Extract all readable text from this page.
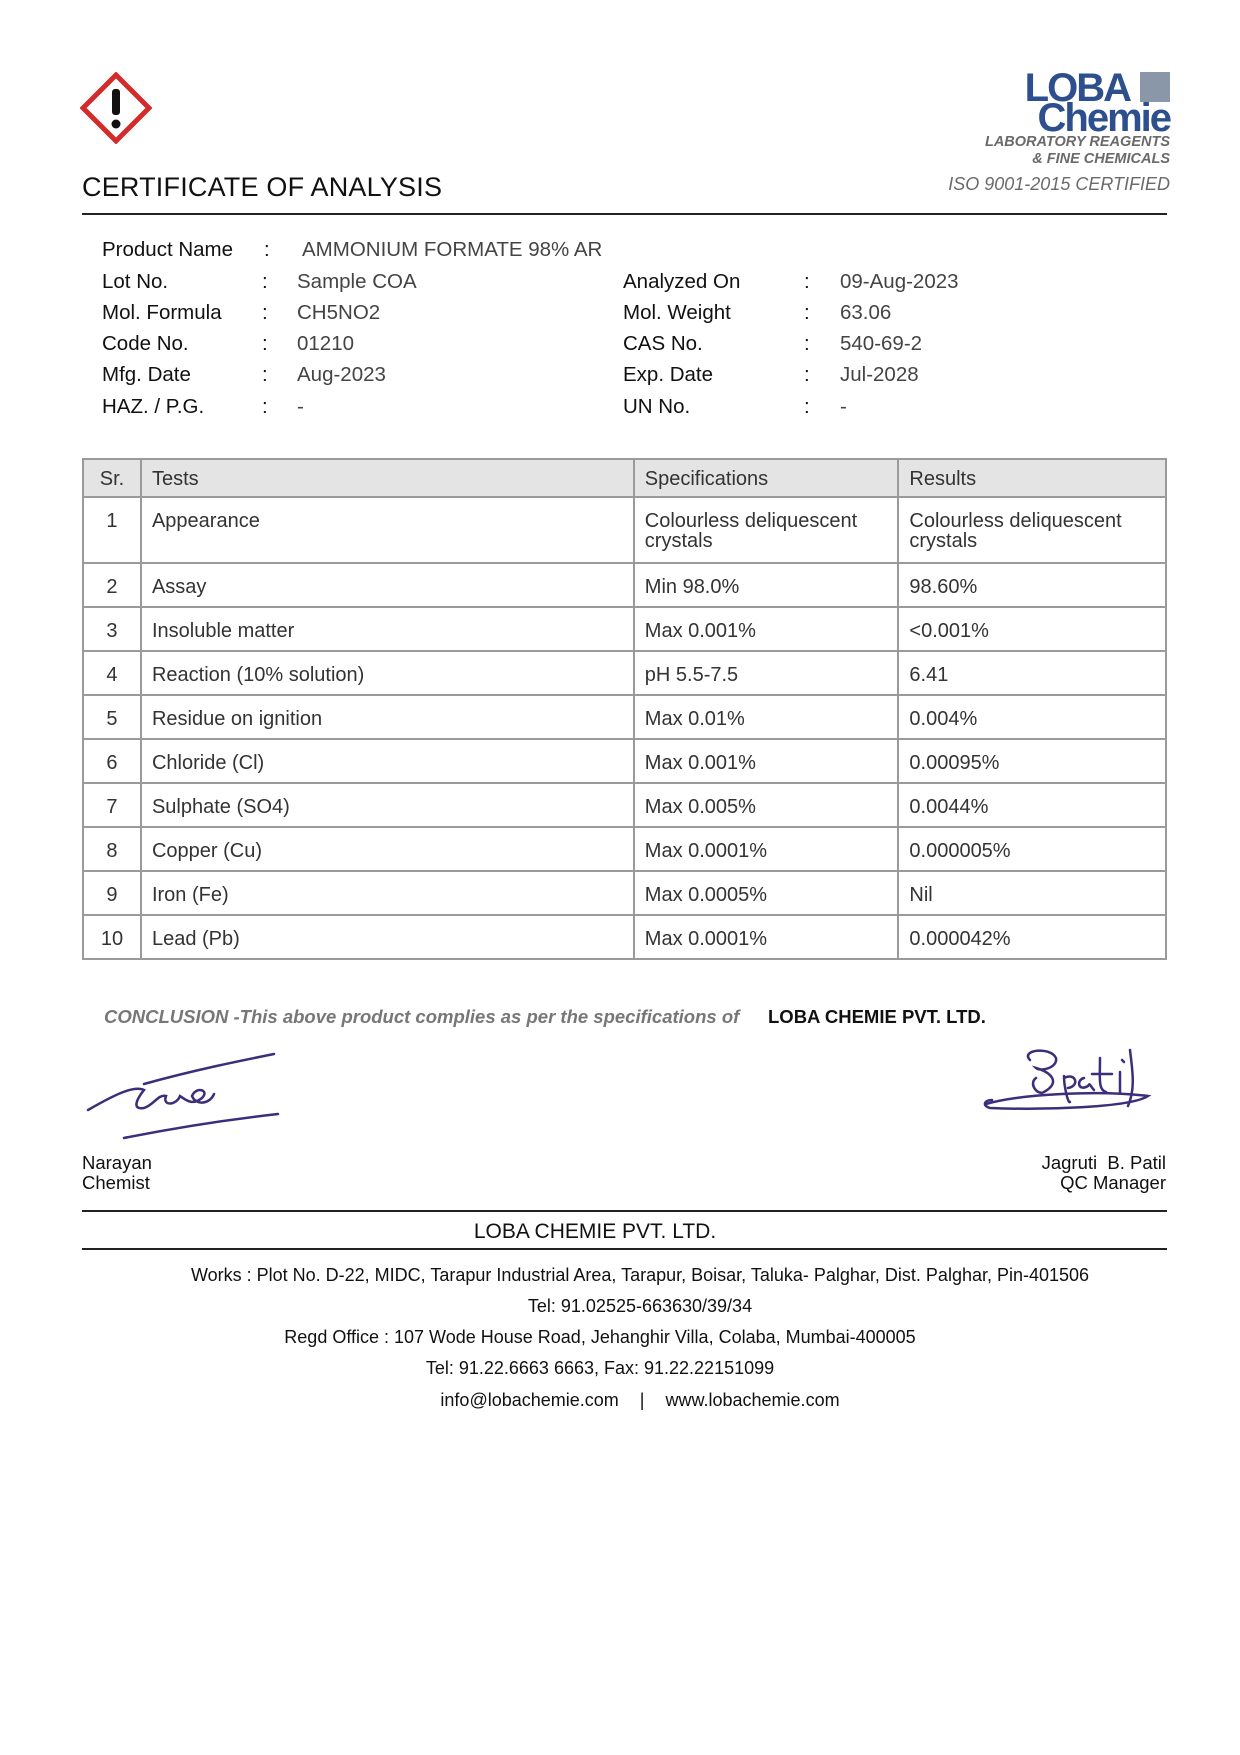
LOBA
Chemie
LABORATORY REAGENTS
& FINE CHEMICALS
ISO 9001-2015 CERTIFIED
CERTIFICATE OF ANALYSIS
Product Name : AMMONIUM FORMATE 98% AR
Lot No.	: Sample COA
Mol. Formula : CH5NO2
Code No.	: 01210
Mfg. Date	: Aug-2023
HAZ. / P.G.	: -
Analyzed On	: 09-Aug-2023
Mol. Weight	: 63.06
CAS No.	: 540-69-2
Exp. Date	: Jul-2028
UN No.	: -
Sr.	Tests	Specifications	Results
1	Appearance	Colourless deliquescent crystals	Colourless deliquescent crystals
2	Assay	Min 98.0%	98.60%
3	Insoluble matter	Max 0.001%	<0.001%
4	Reaction (10% solution)	pH 5.5-7.5	6.41
5	Residue on ignition	Max 0.01%	0.004%
6	Chloride (Cl)	Max 0.001%	0.00095%
7	Sulphate (SO4)	Max 0.005%	0.0044%
8	Copper (Cu)	Max 0.0001%	0.000005%
9	Iron (Fe)	Max 0.0005%	Nil
10	Lead (Pb)	Max 0.0001%	0.000042%
CONCLUSION -This above product complies as per the specifications of LOBA CHEMIE PVT. LTD.
Narayan
Chemist
Jagruti  B. Patil
QC Manager
LOBA CHEMIE PVT. LTD.
Works : Plot No. D-22, MIDC, Tarapur Industrial Area, Tarapur, Boisar, Taluka- Palghar, Dist. Palghar, Pin-401506
Tel: 91.02525-663630/39/34
Regd Office : 107 Wode House Road, Jehanghir Villa, Colaba, Mumbai-400005
Tel: 91.22.6663 6663, Fax: 91.22.22151099
info@lobachemie.com | www.lobachemie.com
